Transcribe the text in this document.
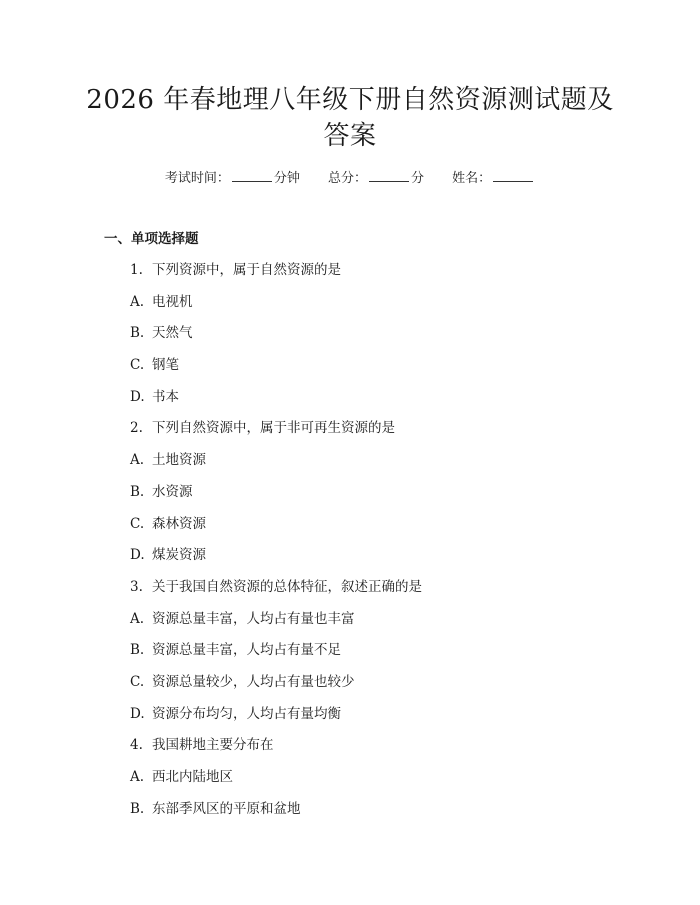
2026 年春地理八年级下册自然资源测试题及答案
考试时间：	分钟 总分：	分 姓名：
一、单项选择题
1. 下列资源中，属于自然资源的是
A. 电视机
B. 天然气
C. 钢笔
D. 书本
2. 下列自然资源中，属于非可再生资源的是
A. 土地资源
B. 水资源
C. 森林资源
D. 煤炭资源
3. 关于我国自然资源的总体特征，叙述正确的是
A. 资源总量丰富，人均占有量也丰富
B. 资源总量丰富，人均占有量不足
C. 资源总量较少，人均占有量也较少
D. 资源分布均匀，人均占有量均衡
4. 我国耕地主要分布在
A. 西北内陆地区
B. 东部季风区的平原和盆地
